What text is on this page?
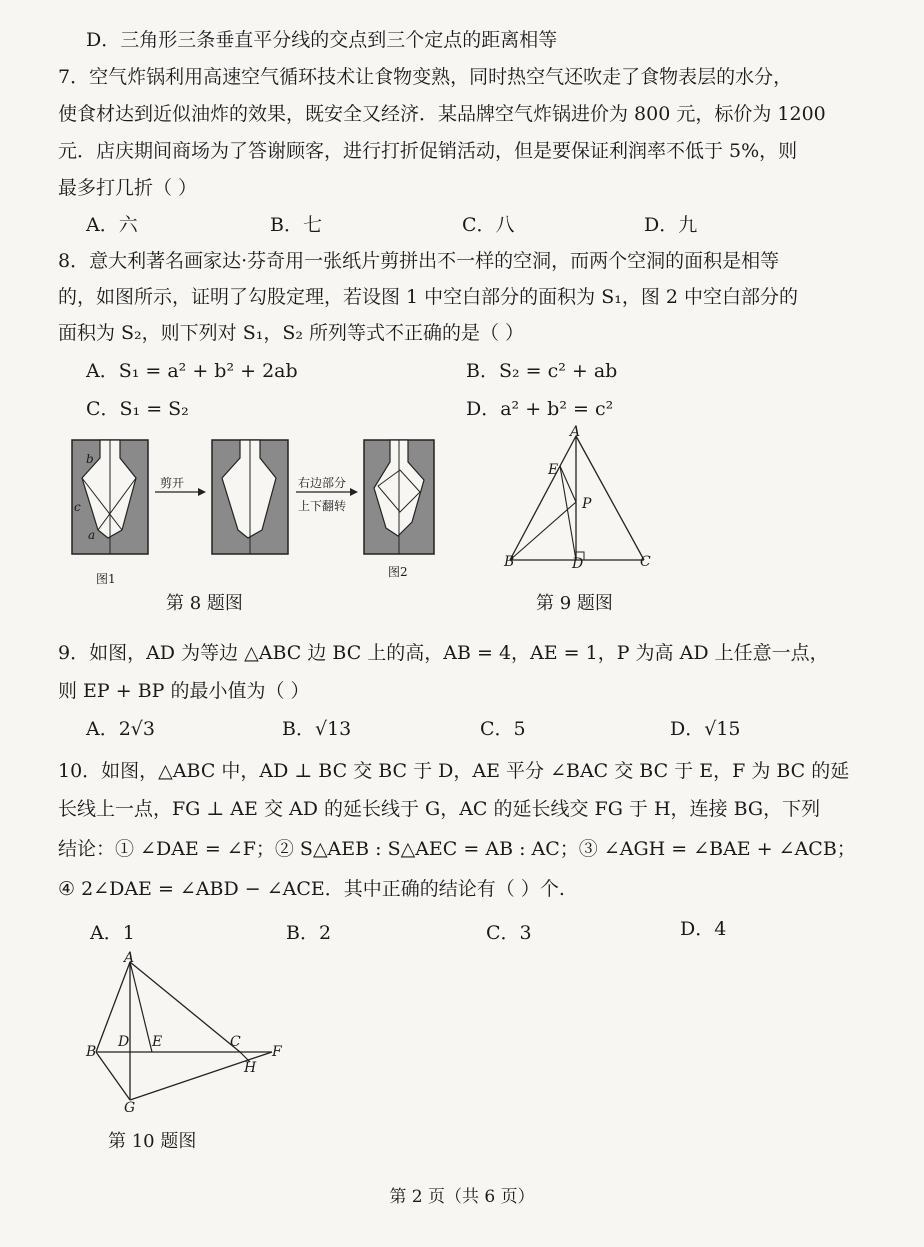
D．三角形三条垂直平分线的交点到三个定点的距离相等
7．空气炸锅利用高速空气循环技术让食物变熟，同时热空气还吹走了食物表层的水分，
使食材达到近似油炸的效果，既安全又经济．某品牌空气炸锅进价为 800 元，标价为 1200
元．店庆期间商场为了答谢顾客，进行打折促销活动，但是要保证利润率不低于 5%，则
最多打几折（ ）
A．六	B．七	C．八	D．九
8．意大利著名画家达·芬奇用一张纸片剪拼出不一样的空洞，而两个空洞的面积是相等
的，如图所示，证明了勾股定理，若设图 1 中空白部分的面积为 S₁，图 2 中空白部分的
面积为 S₂，则下列对 S₁，S₂ 所列等式不正确的是（ ）
A．S₁ = a² + b² + 2ab	B．S₂ = c² + ab
C．S₁ = S₂	D．a² + b² = c²
b
c
a
剪开	右边部分
上下翻转
图1	图2
第 8 题图
A
E
P
B	D	C
第 9 题图
9．如图，AD 为等边 △ABC 边 BC 上的高，AB = 4，AE = 1，P 为高 AD 上任意一点，
则 EP + BP 的最小值为（ ）
A．2√3	B．√13	C．5	D．√15
10．如图，△ABC 中，AD ⊥ BC 交 BC 于 D，AE 平分 ∠BAC 交 BC 于 E，F 为 BC 的延
长线上一点，FG ⊥ AE 交 AD 的延长线于 G，AC 的延长线交 FG 于 H，连接 BG，下列
结论：① ∠DAE = ∠F；② S△AEB : S△AEC = AB : AC；③ ∠AGH = ∠BAE + ∠ACB；
④ 2∠DAE = ∠ABD − ∠ACE．其中正确的结论有（ ）个.
A．1	B．2	C．3	D．4
A
B
D E	C
F
H
G
第 10 题图
第 2 页（共 6 页）
